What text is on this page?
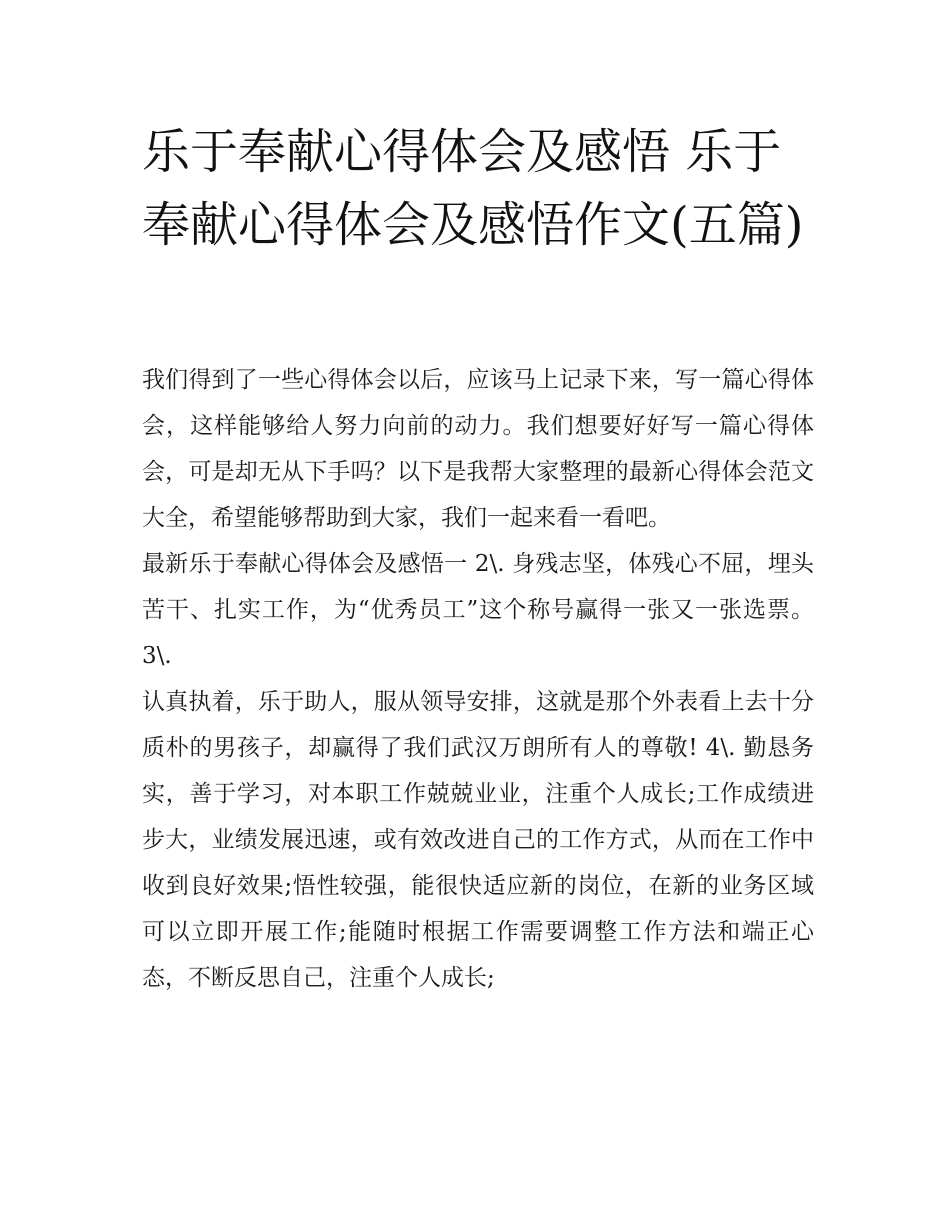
乐于奉献心得体会及感悟 乐于奉献心得体会及感悟作文(五篇)

我们得到了一些心得体会以后，应该马上记录下来，写一篇心得体会，这样能够给人努力向前的动力。我们想要好好写一篇心得体会，可是却无从下手吗？以下是我帮大家整理的最新心得体会范文大全，希望能够帮助到大家，我们一起来看一看吧。

最新乐于奉献心得体会及感悟一 2\. 身残志坚，体残心不屈，埋头苦干、扎实工作，为“优秀员工”这个称号赢得一张又一张选票。 3\.

认真执着，乐于助人，服从领导安排，这就是那个外表看上去十分质朴的男孩子，却赢得了我们武汉万朗所有人的尊敬! 4\. 勤恳务实，善于学习，对本职工作兢兢业业，注重个人成长;工作成绩进步大，业绩发展迅速，或有效改进自己的工作方式，从而在工作中收到良好效果;悟性较强，能很快适应新的岗位，在新的业务区域可以立即开展工作;能随时根据工作需要调整工作方法和端正心态，不断反思自己，注重个人成长;
